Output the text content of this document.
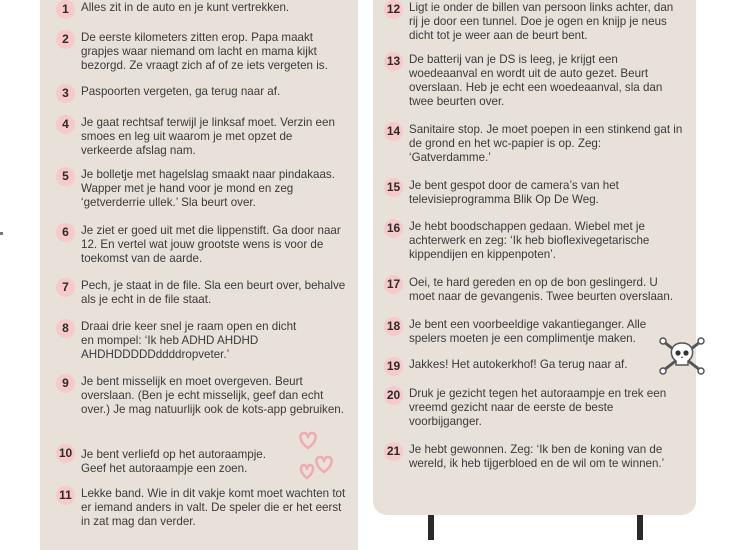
1	Alles zit in de auto en je kunt vertrekken.
2	De eerste kilometers zitten erop. Papa maakt grapjes waar niemand om lacht en mama kijkt bezorgd. Ze vraagt zich af of ze iets vergeten is.
3	Paspoorten vergeten, ga terug naar af.
4	Je gaat rechtsaf terwijl je linksaf moet. Verzin een smoes en leg uit waarom je met opzet de verkeerde afslag nam.
5	Je bolletje met hagelslag smaakt naar pindakaas. Wapper met je hand voor je mond en zeg ‘getverderrie ullek.’ Sla beurt over.
6	Je ziet er goed uit met die lippenstift. Ga door naar 12. En vertel wat jouw grootste wens is voor de toekomst van de aarde.
7	Pech, je staat in de file. Sla een beurt over, behalve als je echt in de file staat.
8	Draai drie keer snel je raam open en dicht en mompel: ‘Ik heb ADHD AHDHD AHDHDDDDDddddropveter.’
9	Je bent misselijk en moet overgeven. Beurt overslaan. (Ben je echt misselijk, geef dan echt over.) Je mag natuurlijk ook de kots-app gebruiken.
10 Je bent verliefd op het autoraampje. Geef het autoraampje een zoen.
11 Lekke band. Wie in dit vakje komt moet wachten tot er iemand anders in valt. De speler die er het eerst in zat mag dan verder.
12 Ligt ie onder de billen van persoon links achter, dan rij je door een tunnel. Doe je ogen en knijp je neus dicht tot je weer aan de beurt bent.
13 De batterij van je DS is leeg, je krijgt een woedeaanval en wordt uit de auto gezet. Beurt overslaan. Heb je echt een woedeaanval, sla dan twee beurten over.
14 Sanitaire stop. Je moet poepen in een stinkend gat in de grond en het wc-papier is op. Zeg: ‘Gatverdamme.’
15 Je bent gespot door de camera’s van het televisieprogramma Blik Op De Weg.
16 Je hebt boodschappen gedaan. Wiebel met je achterwerk en zeg: ‘Ik heb bioflexivegetarische kippendijen en kippenpoten’.
17 Oei, te hard gereden en op de bon geslingerd. U moet naar de gevangenis. Twee beurten overslaan.
18 Je bent een voorbeeldige vakantieganger. Alle spelers moeten je een complimentje maken.
19 Jakkes! Het autokerkhof! Ga terug naar af.
20 Druk je gezicht tegen het autoraampje en trek een vreemd gezicht naar de eerste de beste voorbijganger.
21 Je hebt gewonnen. Zeg: ‘Ik ben de koning van de wereld, ik heb tijgerbloed en de wil om te winnen.’
